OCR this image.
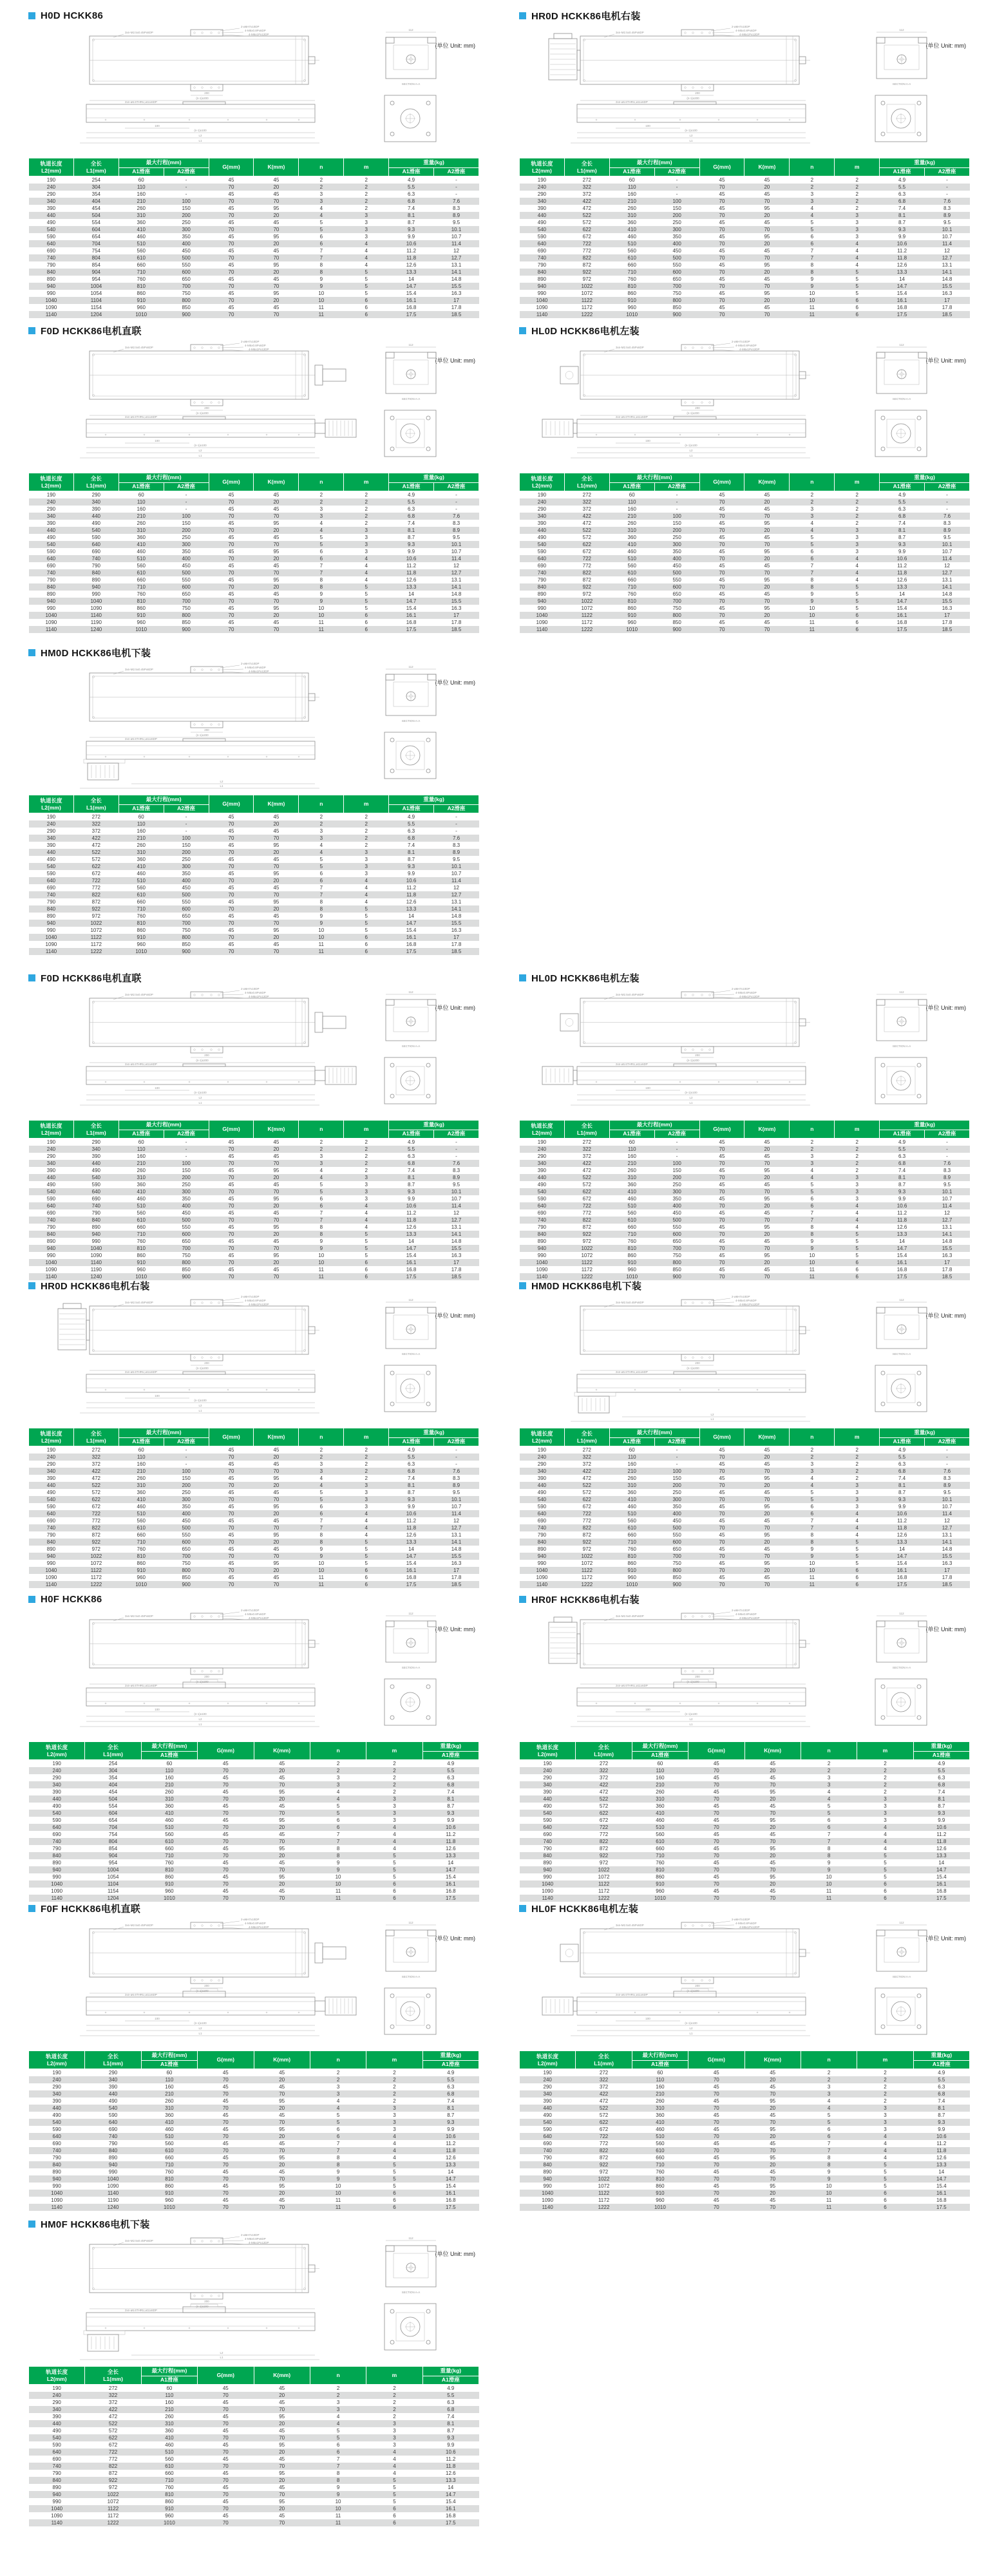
H0D HCKK86
(单位 Unit: mm)
2-ø6H7x10DP
4-M5x0.8Px6DP
4-M6x1Px12DP
3xn-M2.5x0.45Px6DP
200
(n-1)x200
2xn-ø6.6THRU,ø11x6DP
100
(n-1)x100
L2
L1
112
SECTION A-A
轨道长度
L2(mm)	全长
L1(mm)	最大行程(mm)		G(mm)	K(mm)	n	m	重量(kg)	
		A1滑座	A2滑座					A1滑座	A2滑座
190	254	60	-	45	45	2	2	4.9	-
240	304	110	-	70	20	2	2	5.5	-
290	354	160	-	45	45	3	2	6.3	-
340	404	210	100	70	70	3	2	6.8	7.6
390	454	260	150	45	95	4	2	7.4	8.3
440	504	310	200	70	20	4	3	8.1	8.9
490	554	360	250	45	45	5	3	8.7	9.5
540	604	410	300	70	70	5	3	9.3	10.1
590	654	460	350	45	95	6	3	9.9	10.7
640	704	510	400	70	20	6	4	10.6	11.4
690	754	560	450	45	45	7	4	11.2	12
740	804	610	500	70	70	7	4	11.8	12.7
790	854	660	550	45	95	8	4	12.6	13.1
840	904	710	600	70	20	8	5	13.3	14.1
890	954	760	650	45	45	9	5	14	14.8
940	1004	810	700	70	70	9	5	14.7	15.5
990	1054	860	750	45	95	10	5	15.4	16.3
1040	1104	910	800	70	20	10	6	16.1	17
1090	1154	960	850	45	45	11	6	16.8	17.8
1140	1204	1010	900	70	70	11	6	17.5	18.5
HR0D HCKK86电机右装
(单位 Unit: mm)
2-ø6H7x10DP
4-M5x0.8Px6DP
4-M6x1Px12DP
3xn-M2.5x0.45Px6DP
200
(n-1)x200
2xn-ø6.6THRU,ø11x6DP
100
(n-1)x100
L2
L1
112
SECTION A-A
轨道长度
L2(mm)	全长
L1(mm)	最大行程(mm)		G(mm)	K(mm)	n	m	重量(kg)	
		A1滑座	A2滑座					A1滑座	A2滑座
190	272	60	-	45	45	2	2	4.9	-
240	322	110	-	70	20	2	2	5.5	-
290	372	160	-	45	45	3	2	6.3	-
340	422	210	100	70	70	3	2	6.8	7.6
390	472	260	150	45	95	4	2	7.4	8.3
440	522	310	200	70	20	4	3	8.1	8.9
490	572	360	250	45	45	5	3	8.7	9.5
540	622	410	300	70	70	5	3	9.3	10.1
590	672	460	350	45	95	6	3	9.9	10.7
640	722	510	400	70	20	6	4	10.6	11.4
690	772	560	450	45	45	7	4	11.2	12
740	822	610	500	70	70	7	4	11.8	12.7
790	872	660	550	45	95	8	4	12.6	13.1
840	922	710	600	70	20	8	5	13.3	14.1
890	972	760	650	45	45	9	5	14	14.8
940	1022	810	700	70	70	9	5	14.7	15.5
990	1072	860	750	45	95	10	5	15.4	16.3
1040	1122	910	800	70	20	10	6	16.1	17
1090	1172	960	850	45	45	11	6	16.8	17.8
1140	1222	1010	900	70	70	11	6	17.5	18.5
F0D HCKK86电机直联
(单位 Unit: mm)
2-ø6H7x10DP
4-M5x0.8Px6DP
4-M6x1Px12DP
3xn-M2.5x0.45Px6DP
200
(n-1)x200
2xn-ø6.6THRU,ø11x6DP
100
(n-1)x100
L2
L1
112
SECTION A-A
轨道长度
L2(mm)	全长
L1(mm)	最大行程(mm)		G(mm)	K(mm)	n	m	重量(kg)	
		A1滑座	A2滑座					A1滑座	A2滑座
190	290	60	-	45	45	2	2	4.9	-
240	340	110	-	70	20	2	2	5.5	-
290	390	160	-	45	45	3	2	6.3	-
340	440	210	100	70	70	3	2	6.8	7.6
390	490	260	150	45	95	4	2	7.4	8.3
440	540	310	200	70	20	4	3	8.1	8.9
490	590	360	250	45	45	5	3	8.7	9.5
540	640	410	300	70	70	5	3	9.3	10.1
590	690	460	350	45	95	6	3	9.9	10.7
640	740	510	400	70	20	6	4	10.6	11.4
690	790	560	450	45	45	7	4	11.2	12
740	840	610	500	70	70	7	4	11.8	12.7
790	890	660	550	45	95	8	4	12.6	13.1
840	940	710	600	70	20	8	5	13.3	14.1
890	990	760	650	45	45	9	5	14	14.8
940	1040	810	700	70	70	9	5	14.7	15.5
990	1090	860	750	45	95	10	5	15.4	16.3
1040	1140	910	800	70	20	10	6	16.1	17
1090	1190	960	850	45	45	11	6	16.8	17.8
1140	1240	1010	900	70	70	11	6	17.5	18.5
HL0D HCKK86电机左装
(单位 Unit: mm)
2-ø6H7x10DP
4-M5x0.8Px6DP
4-M6x1Px12DP
3xn-M2.5x0.45Px6DP
200
(n-1)x200
2xn-ø6.6THRU,ø11x6DP
100
(n-1)x100
L2
L1
112
SECTION A-A
轨道长度
L2(mm)	全长
L1(mm)	最大行程(mm)		G(mm)	K(mm)	n	m	重量(kg)	
		A1滑座	A2滑座					A1滑座	A2滑座
190	272	60	-	45	45	2	2	4.9	-
240	322	110	-	70	20	2	2	5.5	-
290	372	160	-	45	45	3	2	6.3	-
340	422	210	100	70	70	3	2	6.8	7.6
390	472	260	150	45	95	4	2	7.4	8.3
440	522	310	200	70	20	4	3	8.1	8.9
490	572	360	250	45	45	5	3	8.7	9.5
540	622	410	300	70	70	5	3	9.3	10.1
590	672	460	350	45	95	6	3	9.9	10.7
640	722	510	400	70	20	6	4	10.6	11.4
690	772	560	450	45	45	7	4	11.2	12
740	822	610	500	70	70	7	4	11.8	12.7
790	872	660	550	45	95	8	4	12.6	13.1
840	922	710	600	70	20	8	5	13.3	14.1
890	972	760	650	45	45	9	5	14	14.8
940	1022	810	700	70	70	9	5	14.7	15.5
990	1072	860	750	45	95	10	5	15.4	16.3
1040	1122	910	800	70	20	10	6	16.1	17
1090	1172	960	850	45	45	11	6	16.8	17.8
1140	1222	1010	900	70	70	11	6	17.5	18.5
HM0D HCKK86电机下装
(单位 Unit: mm)
2-ø6H7x10DP
4-M5x0.8Px6DP
4-M6x1Px12DP
3xn-M2.5x0.45Px6DP
200
(n-1)x200
2xn-ø6.6THRU,ø11x6DP
L2
L1
112
SECTION A-A
轨道长度
L2(mm)	全长
L1(mm)	最大行程(mm)		G(mm)	K(mm)	n	m	重量(kg)	
		A1滑座	A2滑座					A1滑座	A2滑座
190	272	60	-	45	45	2	2	4.9	-
240	322	110	-	70	20	2	2	5.5	-
290	372	160	-	45	45	3	2	6.3	-
340	422	210	100	70	70	3	2	6.8	7.6
390	472	260	150	45	95	4	2	7.4	8.3
440	522	310	200	70	20	4	3	8.1	8.9
490	572	360	250	45	45	5	3	8.7	9.5
540	622	410	300	70	70	5	3	9.3	10.1
590	672	460	350	45	95	6	3	9.9	10.7
640	722	510	400	70	20	6	4	10.6	11.4
690	772	560	450	45	45	7	4	11.2	12
740	822	610	500	70	70	7	4	11.8	12.7
790	872	660	550	45	95	8	4	12.6	13.1
840	922	710	600	70	20	8	5	13.3	14.1
890	972	760	650	45	45	9	5	14	14.8
940	1022	810	700	70	70	9	5	14.7	15.5
990	1072	860	750	45	95	10	5	15.4	16.3
1040	1122	910	800	70	20	10	6	16.1	17
1090	1172	960	850	45	45	11	6	16.8	17.8
1140	1222	1010	900	70	70	11	6	17.5	18.5
F0D HCKK86电机直联
(单位 Unit: mm)
2-ø6H7x10DP
4-M5x0.8Px6DP
4-M6x1Px12DP
3xn-M2.5x0.45Px6DP
200
(n-1)x200
2xn-ø6.6THRU,ø11x6DP
100
(n-1)x100
L2
L1
112
SECTION A-A
轨道长度
L2(mm)	全长
L1(mm)	最大行程(mm)		G(mm)	K(mm)	n	m	重量(kg)	
		A1滑座	A2滑座					A1滑座	A2滑座
190	290	60	-	45	45	2	2	4.9	-
240	340	110	-	70	20	2	2	5.5	-
290	390	160	-	45	45	3	2	6.3	-
340	440	210	100	70	70	3	2	6.8	7.6
390	490	260	150	45	95	4	2	7.4	8.3
440	540	310	200	70	20	4	3	8.1	8.9
490	590	360	250	45	45	5	3	8.7	9.5
540	640	410	300	70	70	5	3	9.3	10.1
590	690	460	350	45	95	6	3	9.9	10.7
640	740	510	400	70	20	6	4	10.6	11.4
690	790	560	450	45	45	7	4	11.2	12
740	840	610	500	70	70	7	4	11.8	12.7
790	890	660	550	45	95	8	4	12.6	13.1
840	940	710	600	70	20	8	5	13.3	14.1
890	990	760	650	45	45	9	5	14	14.8
940	1040	810	700	70	70	9	5	14.7	15.5
990	1090	860	750	45	95	10	5	15.4	16.3
1040	1140	910	800	70	20	10	6	16.1	17
1090	1190	960	850	45	45	11	6	16.8	17.8
1140	1240	1010	900	70	70	11	6	17.5	18.5
HL0D HCKK86电机左装
(单位 Unit: mm)
2-ø6H7x10DP
4-M5x0.8Px6DP
4-M6x1Px12DP
3xn-M2.5x0.45Px6DP
200
(n-1)x200
2xn-ø6.6THRU,ø11x6DP
100
(n-1)x100
L2
L1
112
SECTION A-A
轨道长度
L2(mm)	全长
L1(mm)	最大行程(mm)		G(mm)	K(mm)	n	m	重量(kg)	
		A1滑座	A2滑座					A1滑座	A2滑座
190	272	60	-	45	45	2	2	4.9	-
240	322	110	-	70	20	2	2	5.5	-
290	372	160	-	45	45	3	2	6.3	-
340	422	210	100	70	70	3	2	6.8	7.6
390	472	260	150	45	95	4	2	7.4	8.3
440	522	310	200	70	20	4	3	8.1	8.9
490	572	360	250	45	45	5	3	8.7	9.5
540	622	410	300	70	70	5	3	9.3	10.1
590	672	460	350	45	95	6	3	9.9	10.7
640	722	510	400	70	20	6	4	10.6	11.4
690	772	560	450	45	45	7	4	11.2	12
740	822	610	500	70	70	7	4	11.8	12.7
790	872	660	550	45	95	8	4	12.6	13.1
840	922	710	600	70	20	8	5	13.3	14.1
890	972	760	650	45	45	9	5	14	14.8
940	1022	810	700	70	70	9	5	14.7	15.5
990	1072	860	750	45	95	10	5	15.4	16.3
1040	1122	910	800	70	20	10	6	16.1	17
1090	1172	960	850	45	45	11	6	16.8	17.8
1140	1222	1010	900	70	70	11	6	17.5	18.5
HR0D HCKK86电机右装
(单位 Unit: mm)
2-ø6H7x10DP
4-M5x0.8Px6DP
4-M6x1Px12DP
3xn-M2.5x0.45Px6DP
200
(n-1)x200
2xn-ø6.6THRU,ø11x6DP
100
(n-1)x100
L2
L1
112
SECTION A-A
轨道长度
L2(mm)	全长
L1(mm)	最大行程(mm)		G(mm)	K(mm)	n	m	重量(kg)	
		A1滑座	A2滑座					A1滑座	A2滑座
190	272	60	-	45	45	2	2	4.9	-
240	322	110	-	70	20	2	2	5.5	-
290	372	160	-	45	45	3	2	6.3	-
340	422	210	100	70	70	3	2	6.8	7.6
390	472	260	150	45	95	4	2	7.4	8.3
440	522	310	200	70	20	4	3	8.1	8.9
490	572	360	250	45	45	5	3	8.7	9.5
540	622	410	300	70	70	5	3	9.3	10.1
590	672	460	350	45	95	6	3	9.9	10.7
640	722	510	400	70	20	6	4	10.6	11.4
690	772	560	450	45	45	7	4	11.2	12
740	822	610	500	70	70	7	4	11.8	12.7
790	872	660	550	45	95	8	4	12.6	13.1
840	922	710	600	70	20	8	5	13.3	14.1
890	972	760	650	45	45	9	5	14	14.8
940	1022	810	700	70	70	9	5	14.7	15.5
990	1072	860	750	45	95	10	5	15.4	16.3
1040	1122	910	800	70	20	10	6	16.1	17
1090	1172	960	850	45	45	11	6	16.8	17.8
1140	1222	1010	900	70	70	11	6	17.5	18.5
HM0D HCKK86电机下装
(单位 Unit: mm)
2-ø6H7x10DP
4-M5x0.8Px6DP
4-M6x1Px12DP
3xn-M2.5x0.45Px6DP
200
(n-1)x200
2xn-ø6.6THRU,ø11x6DP
L2
L1
112
SECTION A-A
轨道长度
L2(mm)	全长
L1(mm)	最大行程(mm)		G(mm)	K(mm)	n	m	重量(kg)	
		A1滑座	A2滑座					A1滑座	A2滑座
190	272	60	-	45	45	2	2	4.9	-
240	322	110	-	70	20	2	2	5.5	-
290	372	160	-	45	45	3	2	6.3	-
340	422	210	100	70	70	3	2	6.8	7.6
390	472	260	150	45	95	4	2	7.4	8.3
440	522	310	200	70	20	4	3	8.1	8.9
490	572	360	250	45	45	5	3	8.7	9.5
540	622	410	300	70	70	5	3	9.3	10.1
590	672	460	350	45	95	6	3	9.9	10.7
640	722	510	400	70	20	6	4	10.6	11.4
690	772	560	450	45	45	7	4	11.2	12
740	822	610	500	70	70	7	4	11.8	12.7
790	872	660	550	45	95	8	4	12.6	13.1
840	922	710	600	70	20	8	5	13.3	14.1
890	972	760	650	45	45	9	5	14	14.8
940	1022	810	700	70	70	9	5	14.7	15.5
990	1072	860	750	45	95	10	5	15.4	16.3
1040	1122	910	800	70	20	10	6	16.1	17
1090	1172	960	850	45	45	11	6	16.8	17.8
1140	1222	1010	900	70	70	11	6	17.5	18.5
H0F HCKK86
(单位 Unit: mm)
2-ø6H7x10DP
4-M5x0.8Px6DP
4-M6x1Px12DP
3xn-M2.5x0.45Px6DP
200
(n-1)x200
2xn-ø6.6THRU,ø11x6DP
100
(n-1)x100
L2
L1
112
SECTION A-A
轨道长度
L2(mm)	全长
L1(mm)	最大行程(mm)	G(mm)	K(mm)	n	m	重量(kg)
		A1滑座					A1滑座
190	254	60	45	45	2	2	4.9
240	304	110	70	20	2	2	5.5
290	354	160	45	45	3	2	6.3
340	404	210	70	70	3	2	6.8
390	454	260	45	95	4	2	7.4
440	504	310	70	20	4	3	8.1
490	554	360	45	45	5	3	8.7
540	604	410	70	70	5	3	9.3
590	654	460	45	95	6	3	9.9
640	704	510	70	20	6	4	10.6
690	754	560	45	45	7	4	11.2
740	804	610	70	70	7	4	11.8
790	854	660	45	95	8	4	12.6
840	904	710	70	20	8	5	13.3
890	954	760	45	45	9	5	14
940	1004	810	70	70	9	5	14.7
990	1054	860	45	95	10	5	15.4
1040	1104	910	70	20	10	6	16.1
1090	1154	960	45	45	11	6	16.8
1140	1204	1010	70	70	11	6	17.5
HR0F HCKK86电机右装
(单位 Unit: mm)
2-ø6H7x10DP
4-M5x0.8Px6DP
4-M6x1Px12DP
3xn-M2.5x0.45Px6DP
200
(n-1)x200
2xn-ø6.6THRU,ø11x6DP
100
(n-1)x100
L2
L1
112
SECTION A-A
轨道长度
L2(mm)	全长
L1(mm)	最大行程(mm)	G(mm)	K(mm)	n	m	重量(kg)
		A1滑座					A1滑座
190	272	60	45	45	2	2	4.9
240	322	110	70	20	2	2	5.5
290	372	160	45	45	3	2	6.3
340	422	210	70	70	3	2	6.8
390	472	260	45	95	4	2	7.4
440	522	310	70	20	4	3	8.1
490	572	360	45	45	5	3	8.7
540	622	410	70	70	5	3	9.3
590	672	460	45	95	6	3	9.9
640	722	510	70	20	6	4	10.6
690	772	560	45	45	7	4	11.2
740	822	610	70	70	7	4	11.8
790	872	660	45	95	8	4	12.6
840	922	710	70	20	8	5	13.3
890	972	760	45	45	9	5	14
940	1022	810	70	70	9	5	14.7
990	1072	860	45	95	10	5	15.4
1040	1122	910	70	20	10	6	16.1
1090	1172	960	45	45	11	6	16.8
1140	1222	1010	70	70	11	6	17.5
F0F HCKK86电机直联
(单位 Unit: mm)
2-ø6H7x10DP
4-M5x0.8Px6DP
4-M6x1Px12DP
3xn-M2.5x0.45Px6DP
200
(n-1)x200
2xn-ø6.6THRU,ø11x6DP
100
(n-1)x100
L2
L1
112
SECTION A-A
轨道长度
L2(mm)	全长
L1(mm)	最大行程(mm)	G(mm)	K(mm)	n	m	重量(kg)
		A1滑座					A1滑座
190	290	60	45	45	2	2	4.9
240	340	110	70	20	2	2	5.5
290	390	160	45	45	3	2	6.3
340	440	210	70	70	3	2	6.8
390	490	260	45	95	4	2	7.4
440	540	310	70	20	4	3	8.1
490	590	360	45	45	5	3	8.7
540	640	410	70	70	5	3	9.3
590	690	460	45	95	6	3	9.9
640	740	510	70	20	6	4	10.6
690	790	560	45	45	7	4	11.2
740	840	610	70	70	7	4	11.8
790	890	660	45	95	8	4	12.6
840	940	710	70	20	8	5	13.3
890	990	760	45	45	9	5	14
940	1040	810	70	70	9	5	14.7
990	1090	860	45	95	10	5	15.4
1040	1140	910	70	20	10	6	16.1
1090	1190	960	45	45	11	6	16.8
1140	1240	1010	70	70	11	6	17.5
HL0F HCKK86电机左装
(单位 Unit: mm)
2-ø6H7x10DP
4-M5x0.8Px6DP
4-M6x1Px12DP
3xn-M2.5x0.45Px6DP
200
(n-1)x200
2xn-ø6.6THRU,ø11x6DP
100
(n-1)x100
L2
L1
112
SECTION A-A
轨道长度
L2(mm)	全长
L1(mm)	最大行程(mm)	G(mm)	K(mm)	n	m	重量(kg)
		A1滑座					A1滑座
190	272	60	45	45	2	2	4.9
240	322	110	70	20	2	2	5.5
290	372	160	45	45	3	2	6.3
340	422	210	70	70	3	2	6.8
390	472	260	45	95	4	2	7.4
440	522	310	70	20	4	3	8.1
490	572	360	45	45	5	3	8.7
540	622	410	70	70	5	3	9.3
590	672	460	45	95	6	3	9.9
640	722	510	70	20	6	4	10.6
690	772	560	45	45	7	4	11.2
740	822	610	70	70	7	4	11.8
790	872	660	45	95	8	4	12.6
840	922	710	70	20	8	5	13.3
890	972	760	45	45	9	5	14
940	1022	810	70	70	9	5	14.7
990	1072	860	45	95	10	5	15.4
1040	1122	910	70	20	10	6	16.1
1090	1172	960	45	45	11	6	16.8
1140	1222	1010	70	70	11	6	17.5
HM0F HCKK86电机下装
(单位 Unit: mm)
2-ø6H7x10DP
4-M5x0.8Px6DP
4-M6x1Px12DP
3xn-M2.5x0.45Px6DP
200
(n-1)x200
2xn-ø6.6THRU,ø11x6DP
L2
L1
112
SECTION A-A
轨道长度
L2(mm)	全长
L1(mm)	最大行程(mm)	G(mm)	K(mm)	n	m	重量(kg)
		A1滑座					A1滑座
190	272	60	45	45	2	2	4.9
240	322	110	70	20	2	2	5.5
290	372	160	45	45	3	2	6.3
340	422	210	70	70	3	2	6.8
390	472	260	45	95	4	2	7.4
440	522	310	70	20	4	3	8.1
490	572	360	45	45	5	3	8.7
540	622	410	70	70	5	3	9.3
590	672	460	45	95	6	3	9.9
640	722	510	70	20	6	4	10.6
690	772	560	45	45	7	4	11.2
740	822	610	70	70	7	4	11.8
790	872	660	45	95	8	4	12.6
840	922	710	70	20	8	5	13.3
890	972	760	45	45	9	5	14
940	1022	810	70	70	9	5	14.7
990	1072	860	45	95	10	5	15.4
1040	1122	910	70	20	10	6	16.1
1090	1172	960	45	45	11	6	16.8
1140	1222	1010	70	70	11	6	17.5
